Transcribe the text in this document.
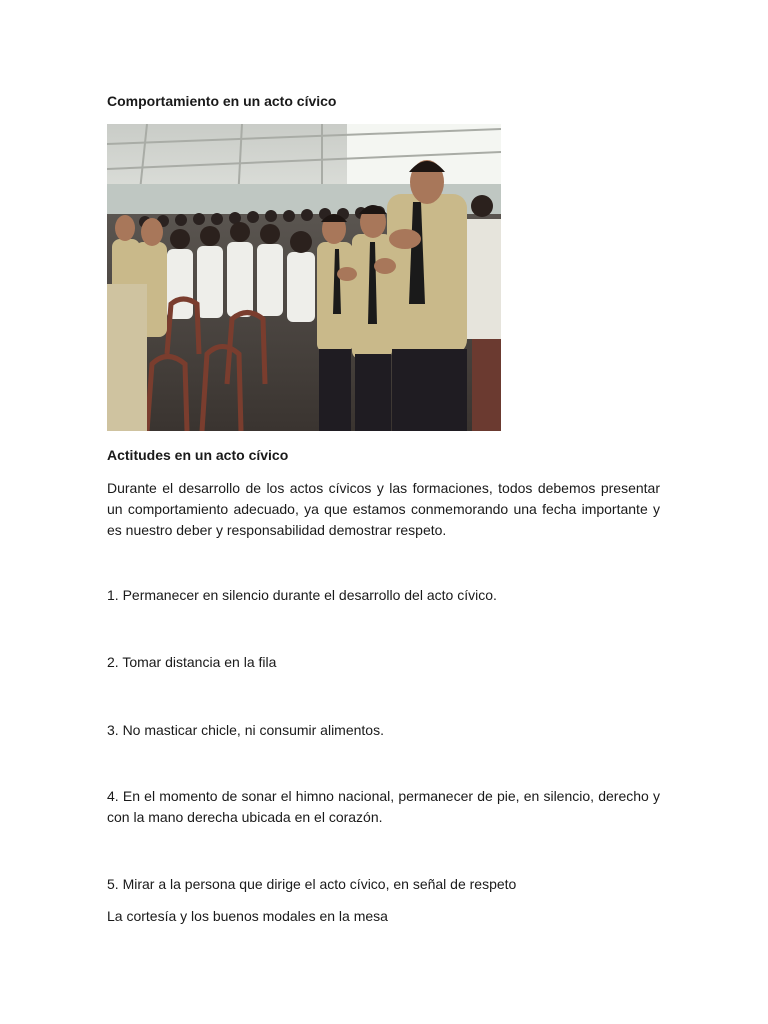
Comportamiento en un acto cívico
Actitudes en un acto cívico

Durante el desarrollo de los actos cívicos y las formaciones, todos debemos presentar un comportamiento adecuado, ya que estamos conmemorando una fecha importante y es nuestro deber y responsabilidad demostrar respeto.

1. Permanecer en silencio durante el desarrollo del acto cívico.

2. Tomar distancia en la fila

3. No masticar chicle, ni consumir alimentos.

4. En el momento de sonar el himno nacional, permanecer de pie, en silencio, derecho y con la mano derecha ubicada en el corazón.

5. Mirar a la persona que dirige el acto cívico, en señal de respeto

La cortesía y los buenos modales en la mesa
